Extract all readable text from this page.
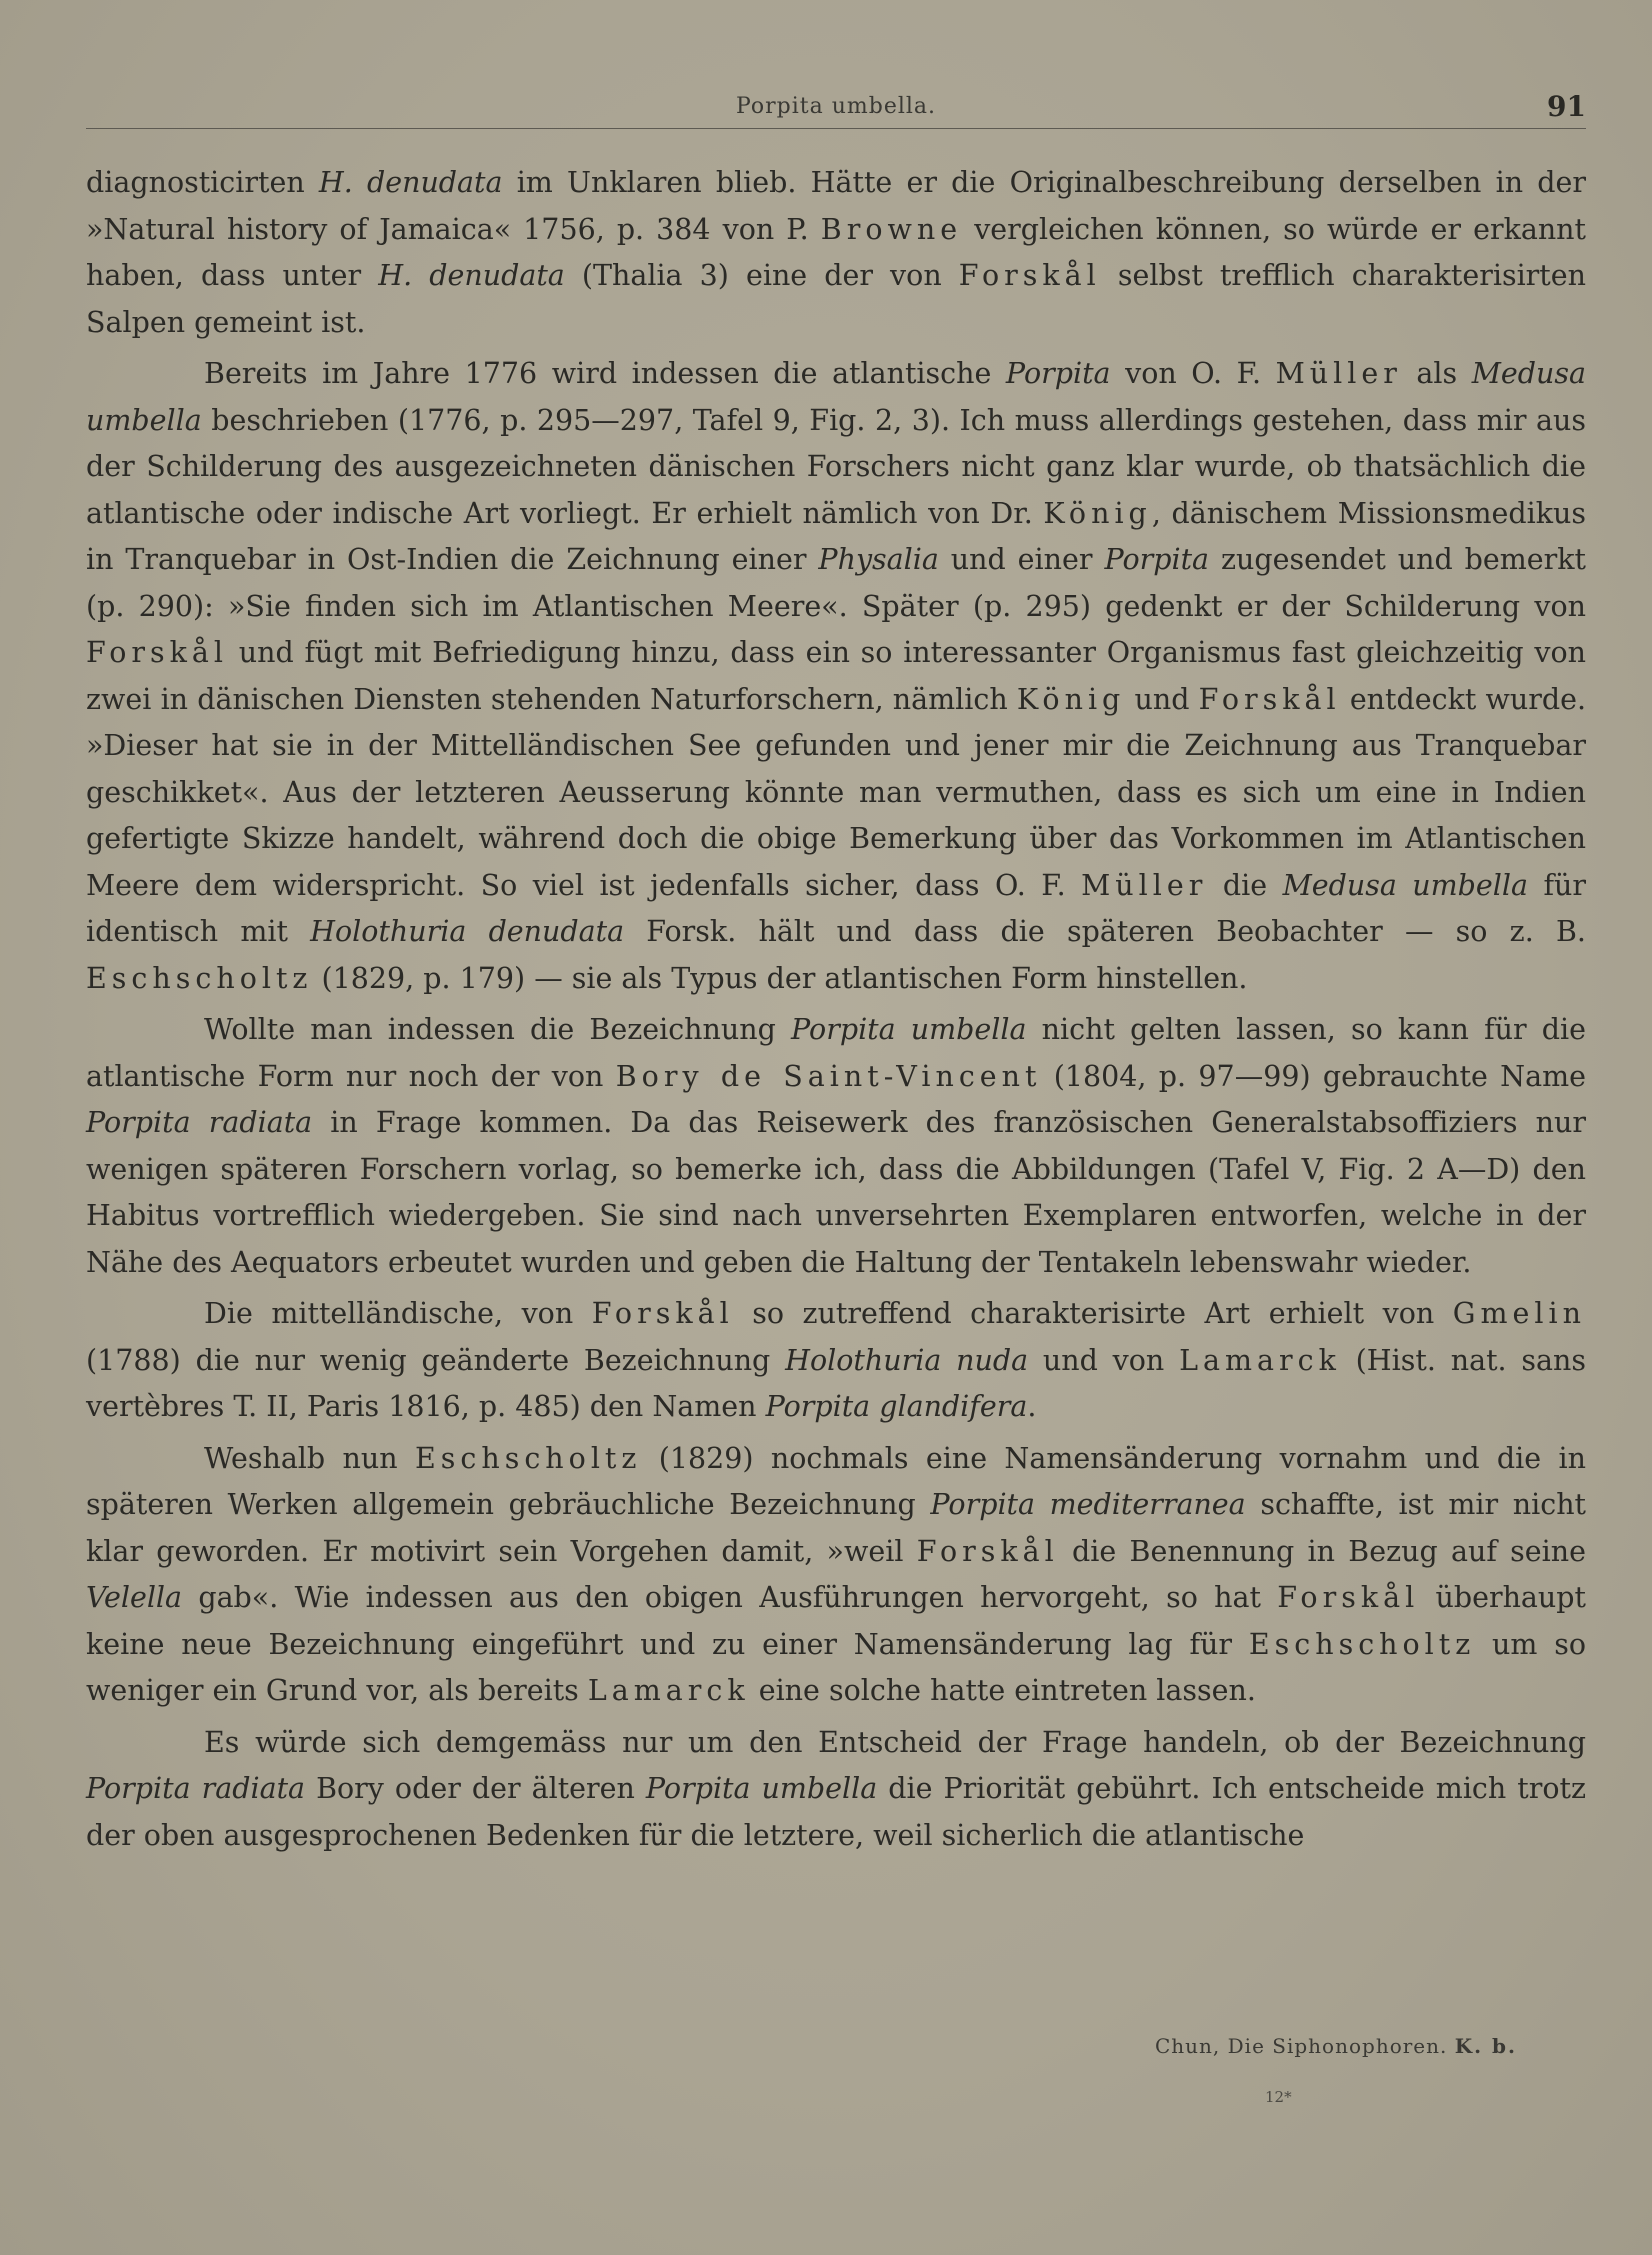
Porpita umbella.	91

diagnosticirten H. denudata im Unklaren blieb. Hätte er die Originalbeschreibung derselben in der »Natural history of Jamaica« 1756, p. 384 von P. Browne vergleichen können, so würde er erkannt haben, dass unter H. denudata (Thalia 3) eine der von Forskål selbst trefflich charakterisirten Salpen gemeint ist.

Bereits im Jahre 1776 wird indessen die atlantische Porpita von O. F. Müller als Medusa umbella beschrieben (1776, p. 295—297, Tafel 9, Fig. 2, 3). Ich muss allerdings gestehen, dass mir aus der Schilderung des ausgezeichneten dänischen Forschers nicht ganz klar wurde, ob thatsächlich die atlantische oder indische Art vorliegt. Er erhielt nämlich von Dr. König, dänischem Missionsmedikus in Tranquebar in Ost-Indien die Zeichnung einer Physalia und einer Porpita zugesendet und bemerkt (p. 290): »Sie finden sich im Atlantischen Meere«. Später (p. 295) gedenkt er der Schilderung von Forskål und fügt mit Befriedigung hinzu, dass ein so interessanter Organismus fast gleichzeitig von zwei in dänischen Diensten stehenden Naturforschern, nämlich König und Forskål entdeckt wurde. »Dieser hat sie in der Mittelländischen See gefunden und jener mir die Zeichnung aus Tranquebar geschikket«. Aus der letzteren Aeusserung könnte man vermuthen, dass es sich um eine in Indien gefertigte Skizze handelt, während doch die obige Bemerkung über das Vorkommen im Atlantischen Meere dem widerspricht. So viel ist jedenfalls sicher, dass O. F. Müller die Medusa umbella für identisch mit Holothuria denudata Forsk. hält und dass die späteren Beobachter — so z. B. Eschscholtz (1829, p. 179) — sie als Typus der atlantischen Form hinstellen.

Wollte man indessen die Bezeichnung Porpita umbella nicht gelten lassen, so kann für die atlantische Form nur noch der von Bory de Saint-Vincent (1804, p. 97—99) gebrauchte Name Porpita radiata in Frage kommen. Da das Reisewerk des französischen Generalstabsoffiziers nur wenigen späteren Forschern vorlag, so bemerke ich, dass die Abbildungen (Tafel V, Fig. 2 A—D) den Habitus vortrefflich wiedergeben. Sie sind nach unversehrten Exemplaren entworfen, welche in der Nähe des Aequators erbeutet wurden und geben die Haltung der Tentakeln lebenswahr wieder.

Die mittelländische, von Forskål so zutreffend charakterisirte Art erhielt von Gmelin (1788) die nur wenig geänderte Bezeichnung Holothuria nuda und von Lamarck (Hist. nat. sans vertèbres T. II, Paris 1816, p. 485) den Namen Porpita glandifera.

Weshalb nun Eschscholtz (1829) nochmals eine Namensänderung vornahm und die in späteren Werken allgemein gebräuchliche Bezeichnung Porpita mediterranea schaffte, ist mir nicht klar geworden. Er motivirt sein Vorgehen damit, »weil Forskål die Benennung in Bezug auf seine Velella gab«. Wie indessen aus den obigen Ausführungen hervorgeht, so hat Forskål überhaupt keine neue Bezeichnung eingeführt und zu einer Namensänderung lag für Eschscholtz um so weniger ein Grund vor, als bereits Lamarck eine solche hatte eintreten lassen.

Es würde sich demgemäss nur um den Entscheid der Frage handeln, ob der Bezeichnung Porpita radiata Bory oder der älteren Porpita umbella die Priorität gebührt. Ich entscheide mich trotz der oben ausgesprochenen Bedenken für die letztere, weil sicherlich die atlantische

Chun, Die Siphonophoren. K. b.
12*
